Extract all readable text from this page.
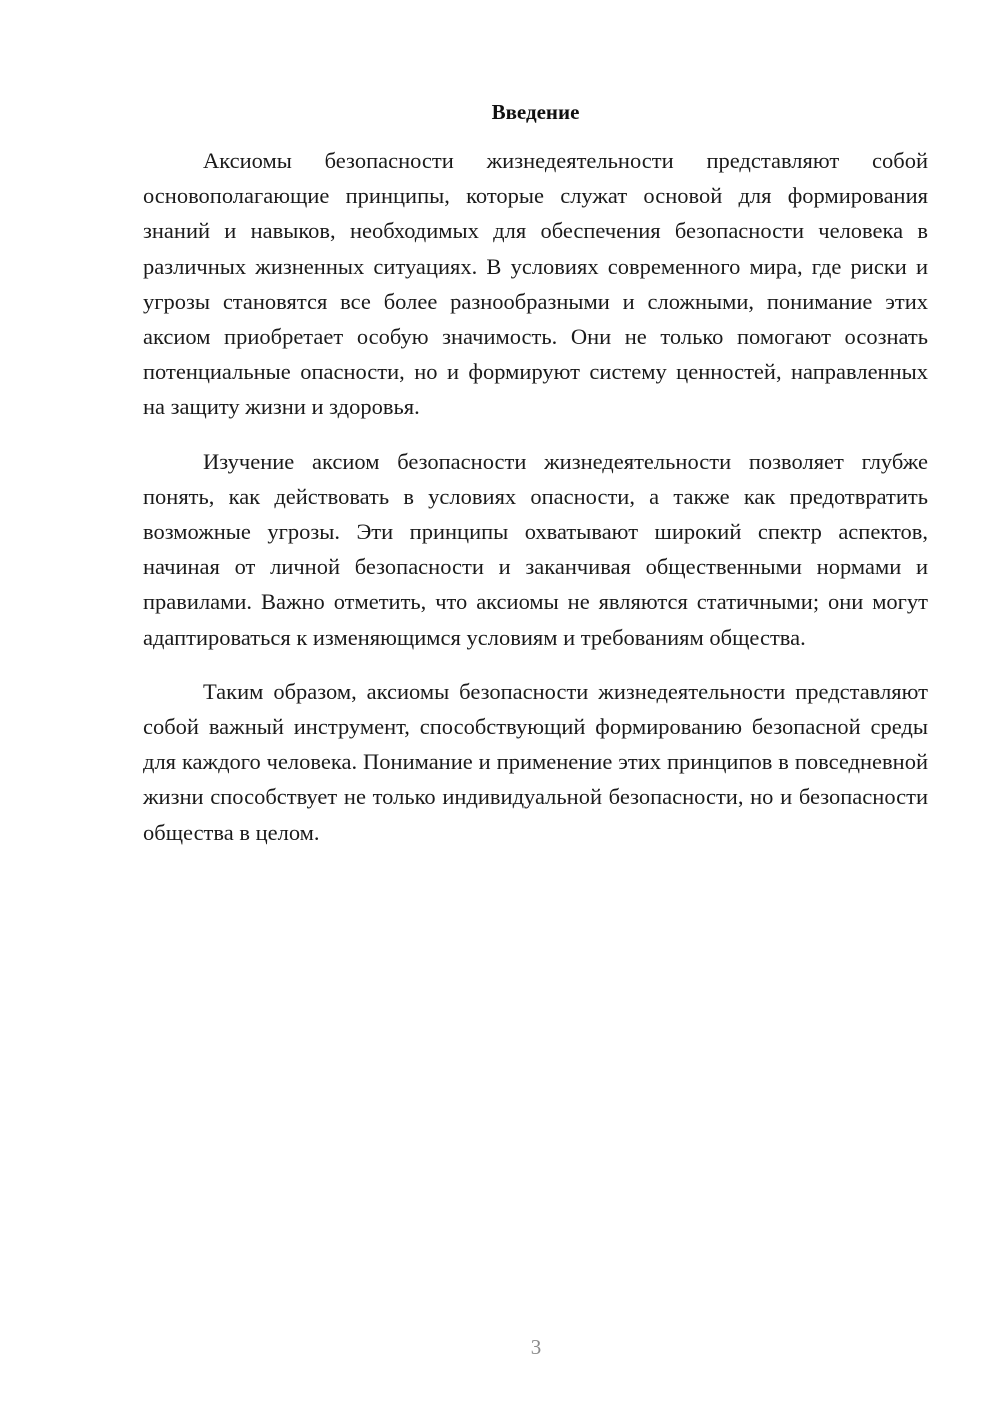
Введение

Аксиомы безопасности жизнедеятельности представляют собой основополагающие принципы, которые служат основой для формирования знаний и навыков, необходимых для обеспечения безопасности человека в различных жизненных ситуациях. В условиях современного мира, где риски и угрозы становятся все более разнообразными и сложными, понимание этих аксиом приобретает особую значимость. Они не только помогают осознать потенциальные опасности, но и формируют систему ценностей, направленных на защиту жизни и здоровья.

Изучение аксиом безопасности жизнедеятельности позволяет глубже понять, как действовать в условиях опасности, а также как предотвратить возможные угрозы. Эти принципы охватывают широкий спектр аспектов, начиная от личной безопасности и заканчивая общественными нормами и правилами. Важно отметить, что аксиомы не являются статичными; они могут адаптироваться к изменяющимся условиям и требованиям общества.

Таким образом, аксиомы безопасности жизнедеятельности представляют собой важный инструмент, способствующий формированию безопасной среды для каждого человека. Понимание и применение этих принципов в повседневной жизни способствует не только индивидуальной безопасности, но и безопасности общества в целом.

3
